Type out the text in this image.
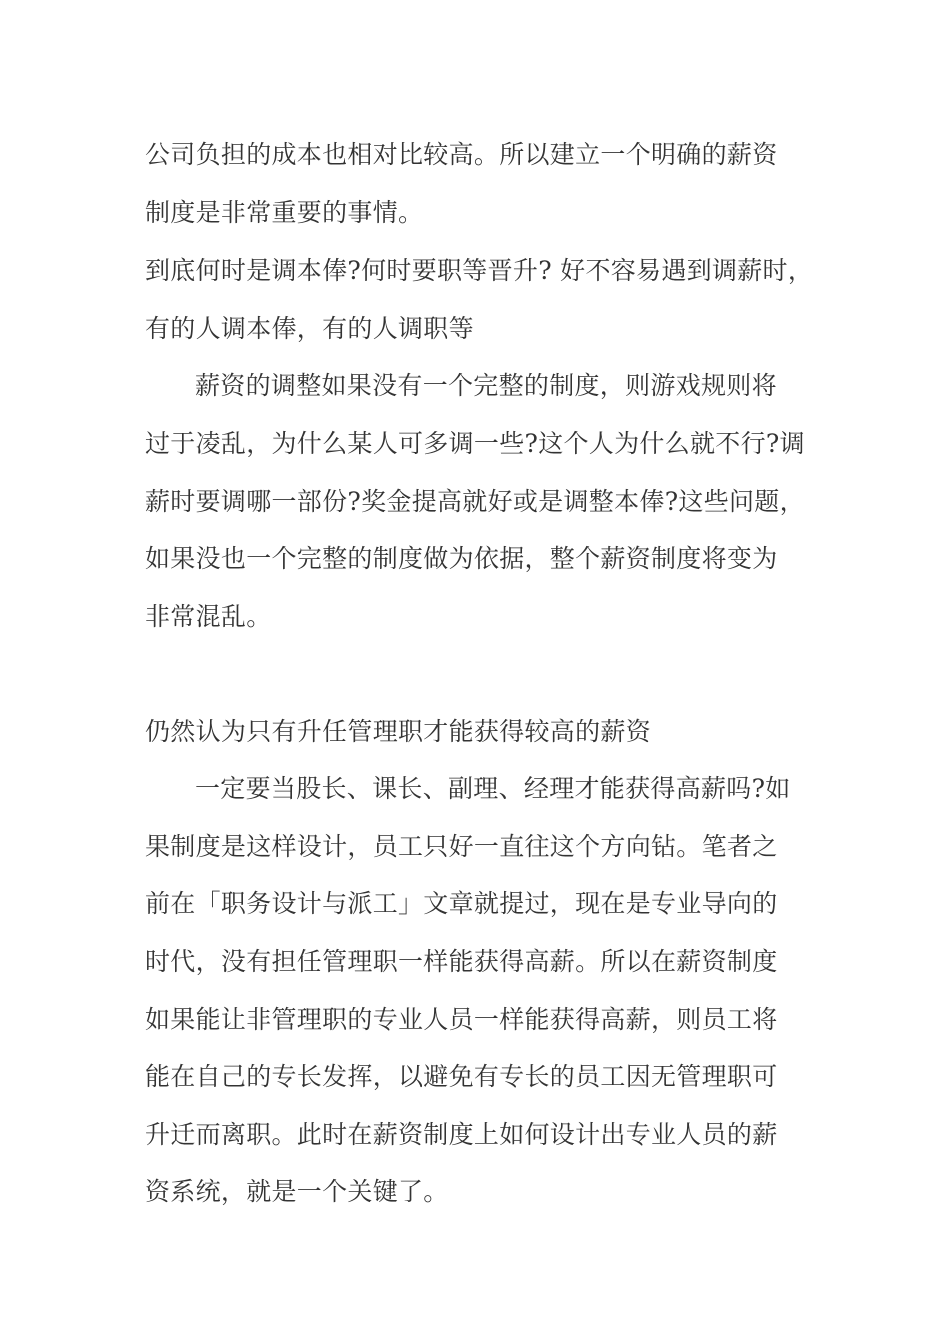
公司负担的成本也相对比较高。所以建立一个明确的薪资
制度是非常重要的事情。
到底何时是调本俸?何时要职等晋升? 好不容易遇到调薪时，
有的人调本俸，有的人调职等
薪资的调整如果没有一个完整的制度，则游戏规则将
过于凌乱，为什么某人可多调一些?这个人为什么就不行?调
薪时要调哪一部份?奖金提高就好或是调整本俸?这些问题，
如果没也一个完整的制度做为依据，整个薪资制度将变为
非常混乱。
仍然认为只有升任管理职才能获得较高的薪资
一定要当股长、课长、副理、经理才能获得高薪吗?如
果制度是这样设计，员工只好一直往这个方向钻。笔者之
前在「职务设计与派工」文章就提过，现在是专业导向的
时代，没有担任管理职一样能获得高薪。所以在薪资制度
如果能让非管理职的专业人员一样能获得高薪，则员工将
能在自己的专长发挥，以避免有专长的员工因无管理职可
升迁而离职。此时在薪资制度上如何设计出专业人员的薪
资系统，就是一个关键了。
